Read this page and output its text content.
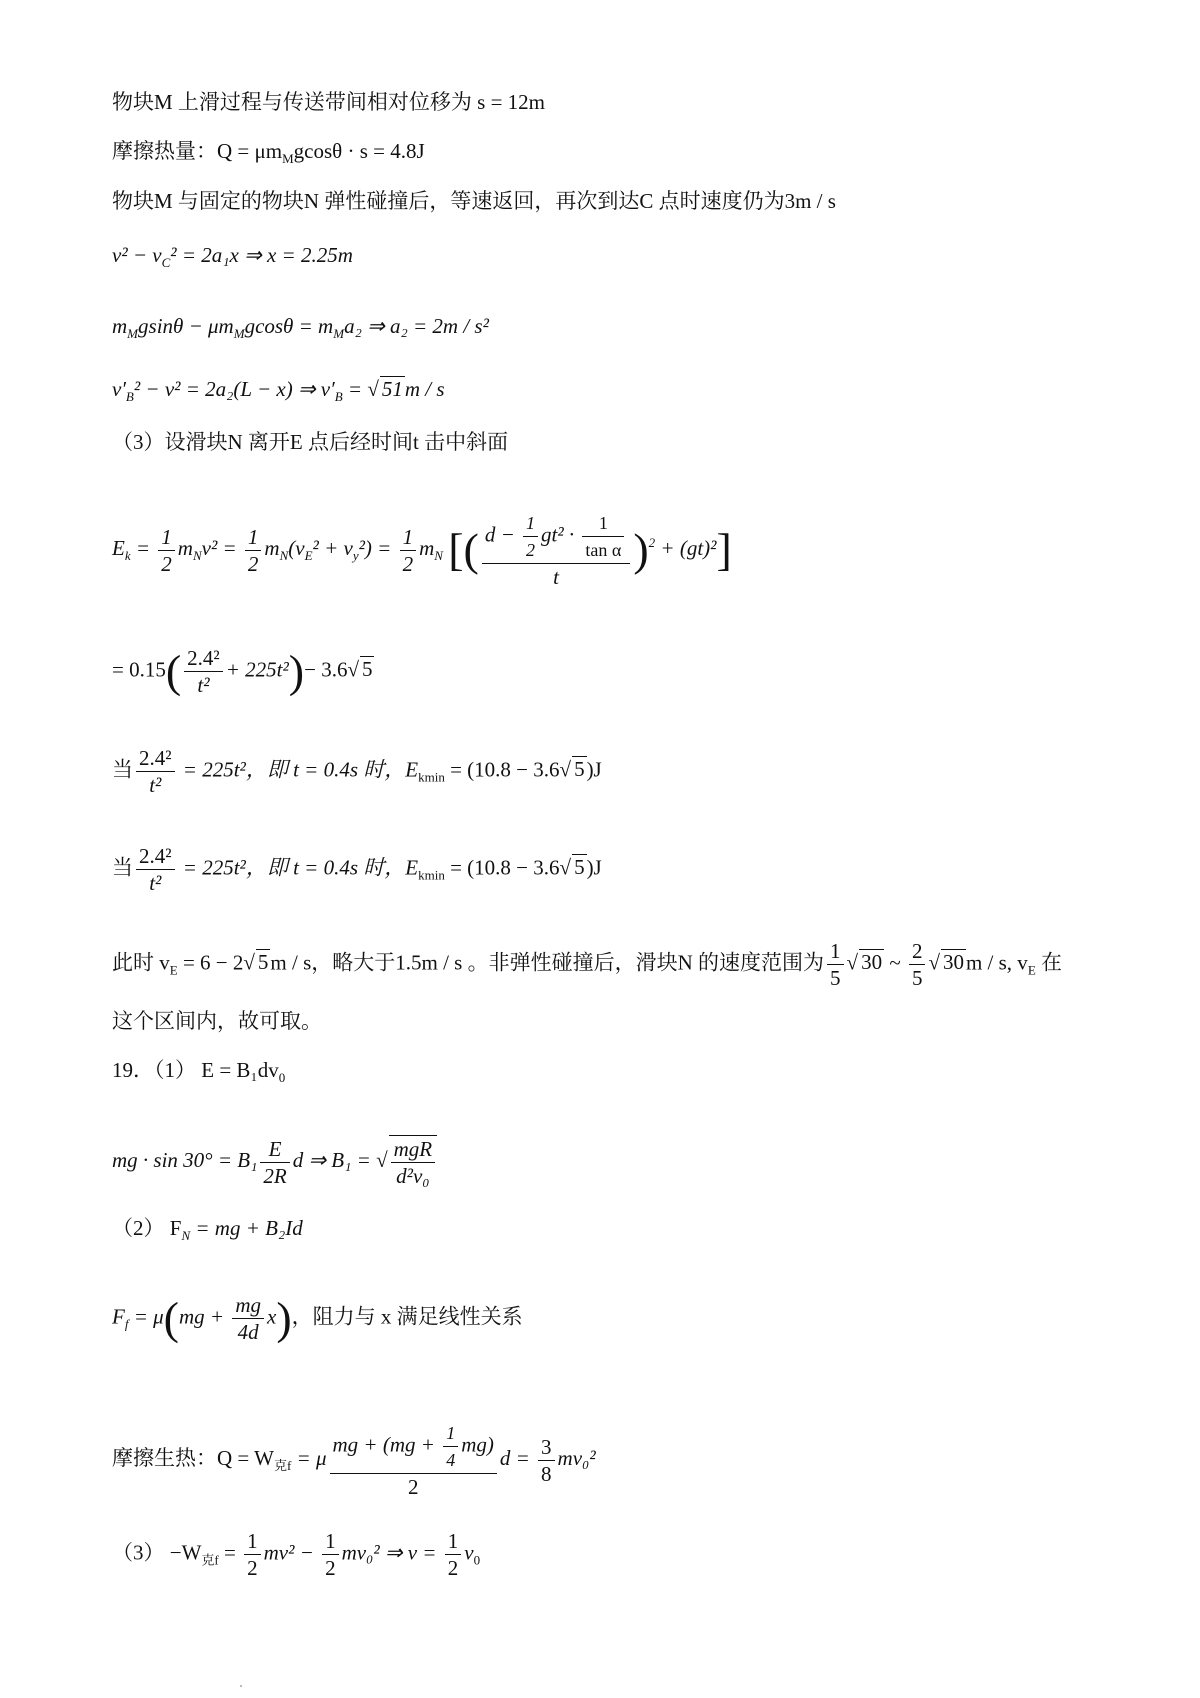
物块M 上滑过程与传送带间相对位移为 s = 12m
摩擦热量：$Q = \mu m_Mgcos\theta \cdot s = 4.8J$
物块M 与固定的物块N 弹性碰撞后，等速返回，再次到达C 点时速度仍为3m / s
$v^2 - v_C^2 = 2a_1x$ ⇒ x = 2.25m
$m_Mgsin\theta - \mu m_Mgcos\theta = m_Ma_2$ ⇒ a₂ = 2m / s²
$v'_B^2 - v^2 = 2a_2(L - x)$ ⇒ $v'_B$ = √ 51m / s
（3）设滑块N 离开E 点后经时间t 击中斜面
$E_k = \frac{1}{2} m_Nv^2 = \frac{1}{2} m_N(v_E^2 + v_y^2) = \frac{1}{2} m_N$ [( $\frac{d - \frac{1}{2} gt^2 \cdot \frac{1}{\text{tan α}}}{t} )^2 + (gt)^2$]
= $0.15( \frac{\text{2.4²}}{\text{t²}} + 225t^2)- 3.6√$ 5
当 $\frac{\text{2.4²}}{\text{t²}} = 225t^2$，即 t = 0.4s 时，$E_{kmin} = (10.8 - 3.6√$ 5)J
当 $\frac{\text{2.4²}}{\text{t²}} = 225t^2$，即 t = 0.4s 时，$E_{kmin} = (10.8 - 3.6√$ 5)J
此时 $v_E = 6 - 2√$ 5m / s，略大于1.5m / s 。非弹性碰撞后，滑块N 的速度范围为 $\frac{1}{5}$ √ 30 ~ $\frac{2}{5}$ √ 30m / s, $v_E$ 在
这个区间内，故可取。
19．（1） $E = B_1dv_0$
mg · $\sin 30^\circ = B_1 \frac{E}{2R}$ d ⇒ B₁ = √ $\frac{\text{mgR}}{\text{d²v₀}}$
（2） $F_N$ = mg + B₂Id
$F_f = \mu(mg + \frac{mg}{4d} x)$，阻力与 x 满足线性关系
摩擦生热：$Q = W_{克f} = \mu \frac{mg + (mg + \frac{1}{4} mg)}{2}$ $d = \frac{3}{8} mv_0^2$
$(3) -W_{克f} = \frac{1}{2} mv^2 - \frac{1}{2} mv_0^2$ ⇒ $v = \frac{1}{2} v_0$
